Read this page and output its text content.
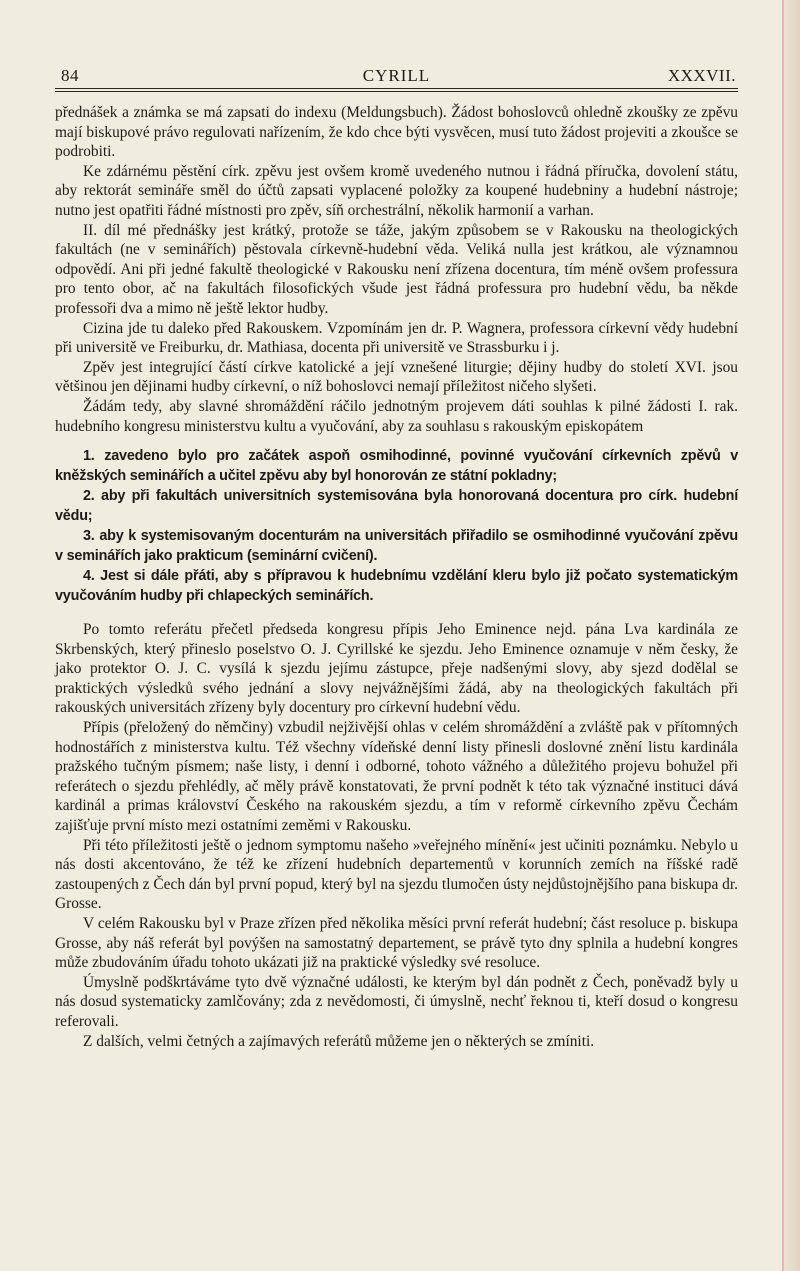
84	CYRILL	XXXVII.

přednášek a známka se má zapsati do indexu (Meldungsbuch). Žádost bohoslovců ohledně zkoušky ze zpěvu mají biskupové právo regulovati nařízením, že kdo chce býti vysvěcen, musí tuto žádost projeviti a zkoušce se podrobiti.

Ke zdárnému pěstění círk. zpěvu jest ovšem kromě uvedeného nutnou i řádná příručka, dovolení státu, aby rektorát semináře směl do účtů zapsati vyplacené položky za koupené hudebniny a hudební nástroje; nutno jest opatřiti řádné místnosti pro zpěv, síň orchestrální, několik harmonií a varhan.

II. díl mé přednášky jest krátký, protože se táže, jakým způsobem se v Rakousku na theologických fakultách (ne v seminářích) pěstovala církevně-hudební věda. Veliká nulla jest krátkou, ale významnou odpovědí. Ani při jedné fakultě theologické v Rakousku není zřízena docentura, tím méně ovšem professura pro tento obor, ač na fakultách filosofických všude jest řádná professura pro hudební vědu, ba někde professoři dva a mimo ně ještě lektor hudby.

Cizina jde tu daleko před Rakouskem. Vzpomínám jen dr. P. Wagnera, professora církevní vědy hudební při universitě ve Freiburku, dr. Mathiasa, docenta při universitě ve Strassburku i j.

Zpěv jest integrující částí církve katolické a její vznešené liturgie; dějiny hudby do století XVI. jsou většinou jen dějinami hudby církevní, o níž bohoslovci nemají příležitost ničeho slyšeti.

Žádám tedy, aby slavné shromáždění ráčilo jednotným projevem dáti souhlas k pilné žádosti I. rak. hudebního kongresu ministerstvu kultu a vyučování, aby za souhlasu s rakouským episkopátem

1. zavedeno bylo pro začátek aspoň osmihodinné, povinné vyučování církevních zpěvů v kněžských seminářích a učitel zpěvu aby byl honorován ze státní pokladny;

2. aby při fakultách universitních systemisována byla honorovaná docentura pro círk. hudební vědu;

3. aby k systemisovaným docenturám na universitách přiřadilo se osmihodinné vyučování zpěvu v seminářích jako prakticum (seminární cvičení).

4. Jest si dále přáti, aby s přípravou k hudebnímu vzdělání kleru bylo již počato systematickým vyučováním hudby při chlapeckých seminářích.

Po tomto referátu přečetl předseda kongresu přípis Jeho Eminence nejd. pána Lva kardinála ze Skrbenských, který přineslo poselstvo O. J. Cyrillské ke sjezdu. Jeho Eminence oznamuje v něm česky, že jako protektor O. J. C. vysílá k sjezdu jejímu zástupce, přeje nadšenými slovy, aby sjezd dodělal se praktických výsledků svého jednání a slovy nejvážnějšími žádá, aby na theologických fakultách při rakouských universitách zřízeny byly docentury pro církevní hudební vědu.

Přípis (přeložený do němčiny) vzbudil nejživější ohlas v celém shromáždění a zvláště pak v přítomných hodnostářích z ministerstva kultu. Též všechny vídeňské denní listy přinesli doslovné znění listu kardinála pražského tučným písmem; naše listy, i denní i odborné, tohoto vážného a důležitého projevu bohužel při referátech o sjezdu přehlédly, ač měly právě konstatovati, že první podnět k této tak význačné instituci dává kardinál a primas království Českého na rakouském sjezdu, a tím v reformě církevního zpěvu Čechám zajišťuje první místo mezi ostatními zeměmi v Rakousku.

Při této příležitosti ještě o jednom symptomu našeho »veřejného mínění« jest učiniti poznámku. Nebylo u nás dosti akcentováno, že též ke zřízení hudebních departementů v korunních zemích na říšské radě zastoupených z Čech dán byl první popud, který byl na sjezdu tlumočen ústy nejdůstojnějšího pana biskupa dr. Grosse.

V celém Rakousku byl v Praze zřízen před několika měsíci první referát hudební; část resoluce p. biskupa Grosse, aby náš referát byl povýšen na samostatný departement, se právě tyto dny splnila a hudební kongres může zbudováním úřadu tohoto ukázati již na praktické výsledky své resoluce.

Úmyslně podškrtáváme tyto dvě význačné události, ke kterým byl dán podnět z Čech, poněvadž byly u nás dosud systematicky zamlčovány; zda z nevědomosti, či úmyslně, nechť řeknou ti, kteří dosud o kongresu referovali.

Z dalších, velmi četných a zajímavých referátů můžeme jen o některých se zmíniti.
